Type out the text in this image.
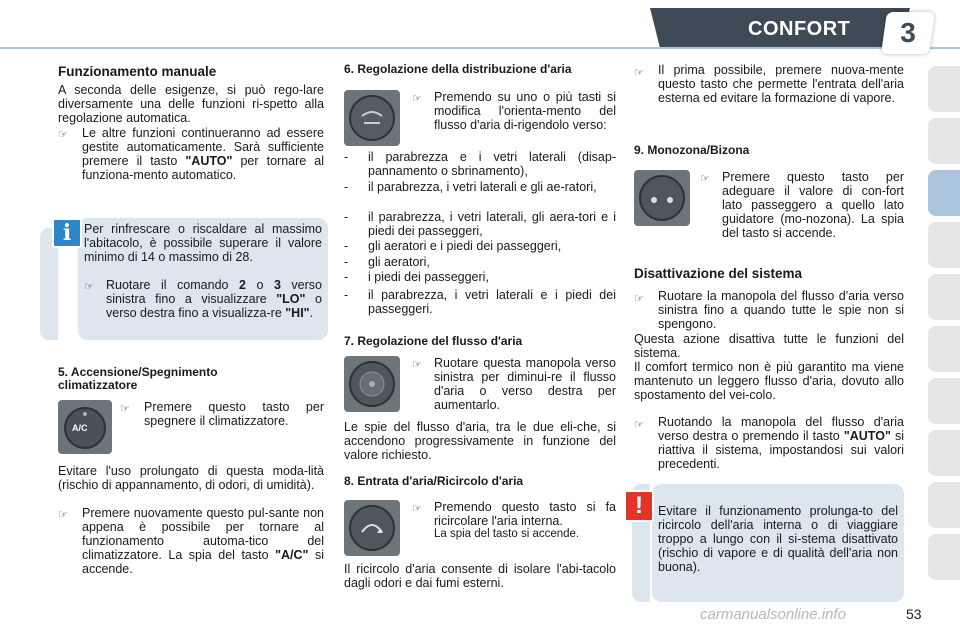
CONFORT	3
Funzionamento manuale
A seconda delle esigenze, si può rego-lare diversamente una delle funzioni ri-spetto alla regolazione automatica.
☞ Le altre funzioni continueranno ad essere gestite automaticamente. Sarà sufficiente premere il tasto "AUTO" per tornare al funziona-mento automatico.
i	Per rinfrescare o riscaldare al massimo l'abitacolo, è possibile superare il valore minimo di 14 o massimo di 28.
☞ Ruotare il comando 2 o 3 verso sinistra fino a visualizzare "LO" o verso destra fino a visualizza-re "HI".
5. Accensione/Spegnimento climatizzatore
A/C
☞ Premere questo tasto per spegnere il climatizzatore.
Evitare l'uso prolungato di questa moda-lità (rischio di appannamento, di odori, di umidità).
☞ Premere nuovamente questo pul-sante non appena è possibile per tornare al funzionamento automa-tico del climatizzatore. La spia del tasto "A/C" si accende.
6. Regolazione della distribuzione d'aria
☞ Premendo su uno o più tasti si modifica l'orienta-mento del flusso d'aria di-rigendolo verso:
- il parabrezza e i vetri laterali (disap-pannamento o sbrinamento),
- il parabrezza, i vetri laterali e gli ae-ratori,
- il parabrezza, i vetri laterali, gli aera-tori e i piedi dei passeggeri,
- gli aeratori e i piedi dei passeggeri,
- gli aeratori,
- i piedi dei passeggeri,
- il parabrezza, i vetri laterali e i piedi dei passeggeri.
7. Regolazione del flusso d'aria
☞ Ruotare questa manopola verso sinistra per diminui-re il flusso d'aria o verso destra per aumentarlo.
Le spie del flusso d'aria, tra le due eli-che, si accendono progressivamente in funzione del valore richiesto.
8. Entrata d'aria/Ricircolo d'aria
☞ Premendo questo tasto si fa ricircolare l'aria interna.
La spia del tasto si accende.
Il ricircolo d'aria consente di isolare l'abi-tacolo dagli odori e dai fumi esterni.
☞ Il prima possibile, premere nuova-mente questo tasto che permette l'entrata dell'aria esterna ed evitare la formazione di vapore.
9. Monozona/Bizona
☞ Premere questo tasto per adeguare il valore di con-fort lato passeggero a quello lato guidatore (mo-nozona). La spia del tasto si accende.
Disattivazione del sistema
☞ Ruotare la manopola del flusso d'aria verso sinistra fino a quando tutte le spie non si spengono.
Questa azione disattiva tutte le funzioni del sistema.
Il comfort termico non è più garantito ma viene mantenuto un leggero flusso d'aria, dovuto allo spostamento del vei-colo.
☞ Ruotando la manopola del flusso d'aria verso destra o premendo il tasto "AUTO" si riattiva il sistema, impostandosi sui valori precedenti.
!	Evitare il funzionamento prolunga-to del ricircolo dell'aria interna o di viaggiare troppo a lungo con il si-stema disattivato (rischio di vapore e di qualità dell'aria non buona).
carmanualsonline.info	53
